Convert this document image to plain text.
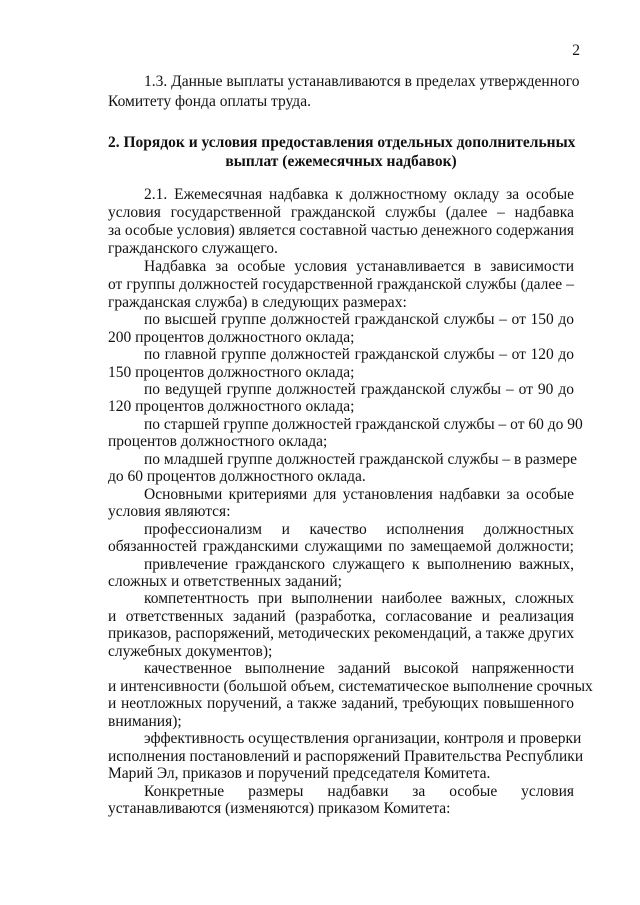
2
1.3. Данные выплаты устанавливаются в пределах утвержденного
Комитету фонда оплаты труда.
2. Порядок и условия предоставления отдельных дополнительных
выплат (ежемесячных надбавок)
2.1. Ежемесячная надбавка к должностному окладу за особые
условия государственной гражданской службы (далее – надбавка
за особые условия) является составной частью денежного содержания
гражданского служащего.
Надбавка за особые условия устанавливается в зависимости
от группы должностей государственной гражданской службы (далее –
гражданская служба) в следующих размерах:
по высшей группе должностей гражданской службы – от 150 до
200 процентов должностного оклада;
по главной группе должностей гражданской службы – от 120 до
150 процентов должностного оклада;
по ведущей группе должностей гражданской службы – от 90 до
120 процентов должностного оклада;
по старшей группе должностей гражданской службы – от 60 до 90
процентов должностного оклада;
по младшей группе должностей гражданской службы – в размере
до 60 процентов должностного оклада.
Основными критериями для установления надбавки за особые
условия являются:
профессионализм и качество исполнения должностных
обязанностей гражданскими служащими по замещаемой должности;
привлечение гражданского служащего к выполнению важных,
сложных и ответственных заданий;
компетентность при выполнении наиболее важных, сложных
и ответственных заданий (разработка, согласование и реализация
приказов, распоряжений, методических рекомендаций, а также других
служебных документов);
качественное выполнение заданий высокой напряженности
и интенсивности (большой объем, систематическое выполнение срочных
и неотложных поручений, а также заданий, требующих повышенного
внимания);
эффективность осуществления организации, контроля и проверки
исполнения постановлений и распоряжений Правительства Республики
Марий Эл, приказов и поручений председателя Комитета.
Конкретные размеры надбавки за особые условия
устанавливаются (изменяются) приказом Комитета:
